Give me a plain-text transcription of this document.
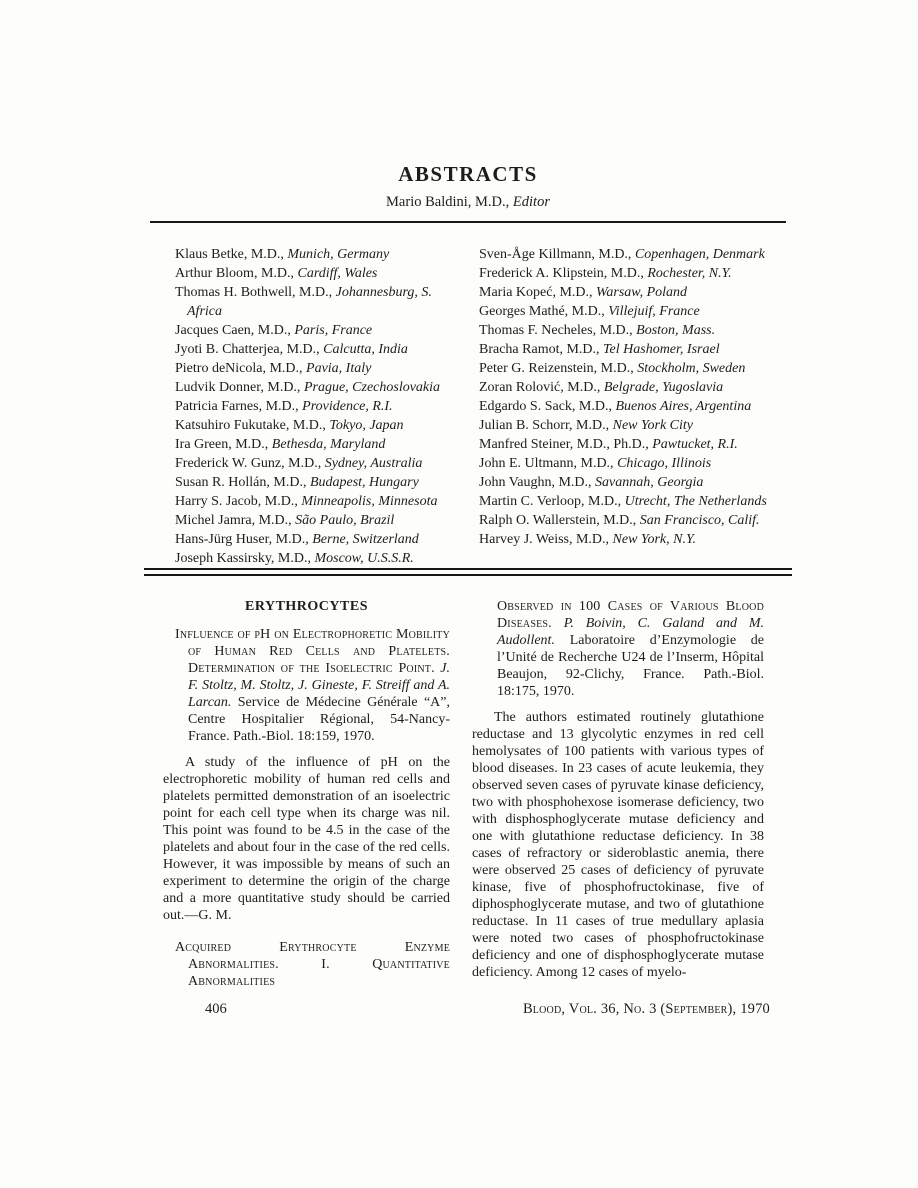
ABSTRACTS
Mario Baldini, M.D., Editor
Klaus Betke, M.D., Munich, Germany
Arthur Bloom, M.D., Cardiff, Wales
Thomas H. Bothwell, M.D., Johannesburg, S. Africa
Jacques Caen, M.D., Paris, France
Jyoti B. Chatterjea, M.D., Calcutta, India
Pietro deNicola, M.D., Pavia, Italy
Ludvik Donner, M.D., Prague, Czechoslovakia
Patricia Farnes, M.D., Providence, R.I.
Katsuhiro Fukutake, M.D., Tokyo, Japan
Ira Green, M.D., Bethesda, Maryland
Frederick W. Gunz, M.D., Sydney, Australia
Susan R. Hollán, M.D., Budapest, Hungary
Harry S. Jacob, M.D., Minneapolis, Minnesota
Michel Jamra, M.D., São Paulo, Brazil
Hans-Jürg Huser, M.D., Berne, Switzerland
Joseph Kassirsky, M.D., Moscow, U.S.S.R.
Sven-Åge Killmann, M.D., Copenhagen, Denmark
Frederick A. Klipstein, M.D., Rochester, N.Y.
Maria Kopeć, M.D., Warsaw, Poland
Georges Mathé, M.D., Villejuif, France
Thomas F. Necheles, M.D., Boston, Mass.
Bracha Ramot, M.D., Tel Hashomer, Israel
Peter G. Reizenstein, M.D., Stockholm, Sweden
Zoran Rolović, M.D., Belgrade, Yugoslavia
Edgardo S. Sack, M.D., Buenos Aires, Argentina
Julian B. Schorr, M.D., New York City
Manfred Steiner, M.D., Ph.D., Pawtucket, R.I.
John E. Ultmann, M.D., Chicago, Illinois
John Vaughn, M.D., Savannah, Georgia
Martin C. Verloop, M.D., Utrecht, The Netherlands
Ralph O. Wallerstein, M.D., San Francisco, Calif.
Harvey J. Weiss, M.D., New York, N.Y.
ERYTHROCYTES

Influence of pH on Electrophoretic Mobility of Human Red Cells and Platelets. Determination of the Isoelectric Point. J. F. Stoltz, M. Stoltz, J. Gineste, F. Streiff and A. Larcan. Service de Médecine Générale “A”, Centre Hospitalier Régional, 54-Nancy-France. Path.-Biol. 18:159, 1970.

A study of the influence of pH on the electrophoretic mobility of human red cells and platelets permitted demonstration of an isoelectric point for each cell type when its charge was nil. This point was found to be 4.5 in the case of the platelets and about four in the case of the red cells. However, it was impossible by means of such an experiment to determine the origin of the charge and a more quantitative study should be carried out.—G. M.

Acquired Erythrocyte Enzyme Abnormalities. I. Quantitative Abnormalities

Observed in 100 Cases of Various Blood Diseases. P. Boivin, C. Galand and M. Audollent. Laboratoire d’Enzymologie de l’Unité de Recherche U24 de l’Inserm, Hôpital Beaujon, 92-Clichy, France. Path.-Biol. 18:175, 1970.

The authors estimated routinely glutathione reductase and 13 glycolytic enzymes in red cell hemolysates of 100 patients with various types of blood diseases. In 23 cases of acute leukemia, they observed seven cases of pyruvate kinase deficiency, two with phosphohexose isomerase deficiency, two with disphosphoglycerate mutase deficiency and one with glutathione reductase deficiency. In 38 cases of refractory or sideroblastic anemia, there were observed 25 cases of deficiency of pyruvate kinase, five of phosphofructokinase, five of diphosphoglycerate mutase, and two of glutathione reductase. In 11 cases of true medullary aplasia were noted two cases of phosphofructokinase deficiency and one of disphosphoglycerate mutase deficiency. Among 12 cases of myelo-

406	Blood, Vol. 36, No. 3 (September), 1970
